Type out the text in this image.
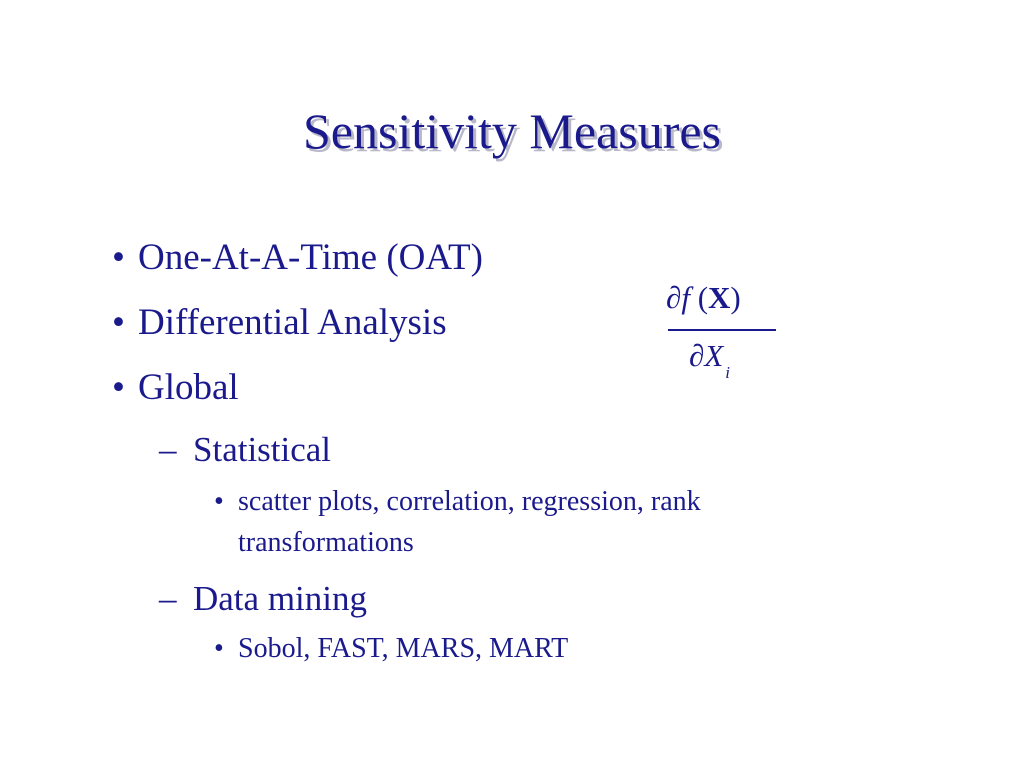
Sensitivity Measures
• One-At-A-Time (OAT)
• Differential Analysis
• Global
– Statistical
• scatter plots, correlation, regression, rank
transformations
– Data mining
• Sobol, FAST, MARS, MART
∂f (X)
∂X $_i$
